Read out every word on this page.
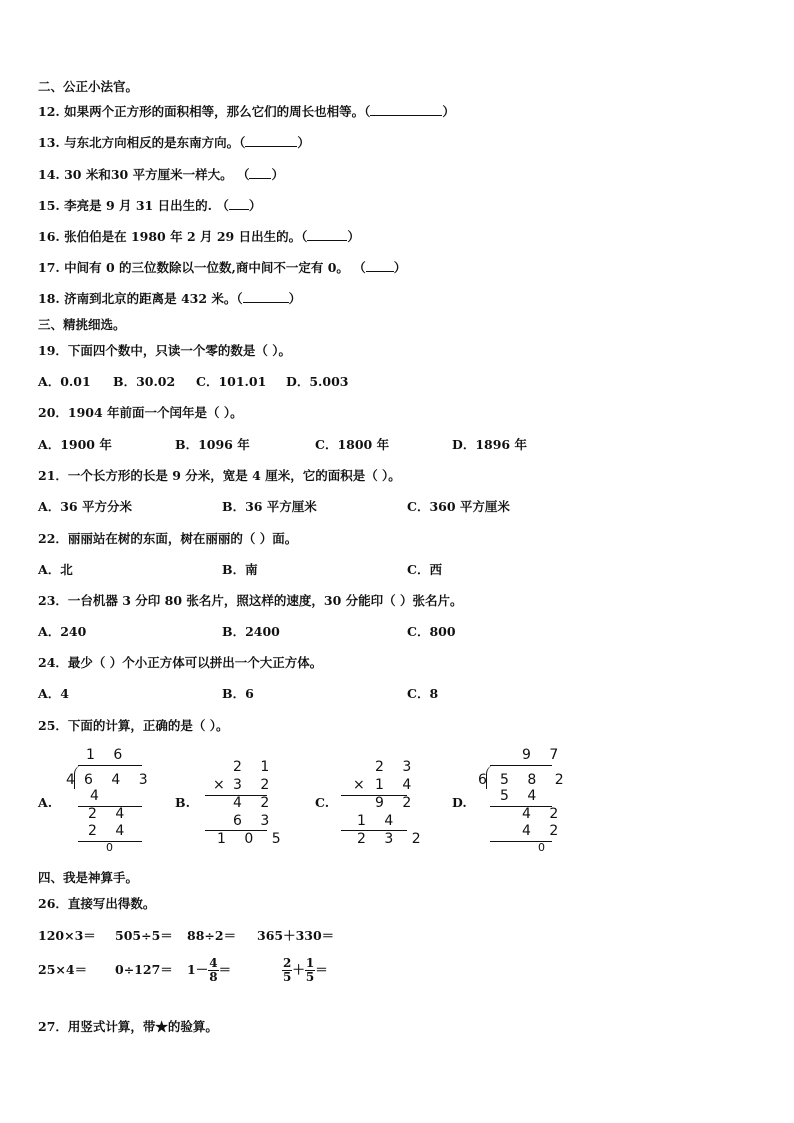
二、公正小法官。
12. 如果两个正方形的面积相等，那么它们的周长也相等。（	）
13. 与东北方向相反的是东南方向。（	）
14. 30 米和30 平方厘米一样大。 （ ）
15. 李亮是 9 月 31 日出生的. （ ）
16. 张伯伯是在 1980 年 2 月 29 日出生的。（	）
17. 中间有 0 的三位数除以一位数,商中间不一定有 0。 （ ）
18. 济南到北京的距离是 432 米。（	）
三、精挑细选。
19．下面四个数中，只读一个零的数是（ ）。
A．0.01 B．30.02 C．101.01 D．5.003
20．1904 年前面一个闰年是（ ）。
A．1900 年	B．1096 年	C．1800 年	D．1896 年
21．一个长方形的长是 9 分米，宽是 4 厘米，它的面积是（ ）。
A．36 平方分米	B．36 平方厘米	C．360 平方厘米
22．丽丽站在树的东面，树在丽丽的（ ）面。
A．北	B．南	C．西
23．一台机器 3 分印 80 张名片，照这样的速度，30 分能印（ ）张名片。
A．240	B．2400	C．800
24．最少（ ）个小正方体可以拼出一个大正方体。
A．4	B．6	C．8
25．下面的计算，正确的是（ ）。
A.
1 6
4 6 4 3
4
2 4
2 4
0
B.
2 1
× 3 2
4 2
6 3
1 0 5
C.
2 3
× 1 4
9 2
1 4
2 3 2
D.
9 7
6 5 8 2
5 4
4 2
4 2
0
四、我是神算手。
26．直接写出得数。
120×3＝ 505÷5＝ 88÷2＝ 365＋330＝
$25\times 4= 0\div 127= 1- \frac{4}{8}$ ＝	$\frac{2}{5} + \frac{1}{5}$ ＝
27．用竖式计算，带★的验算。
